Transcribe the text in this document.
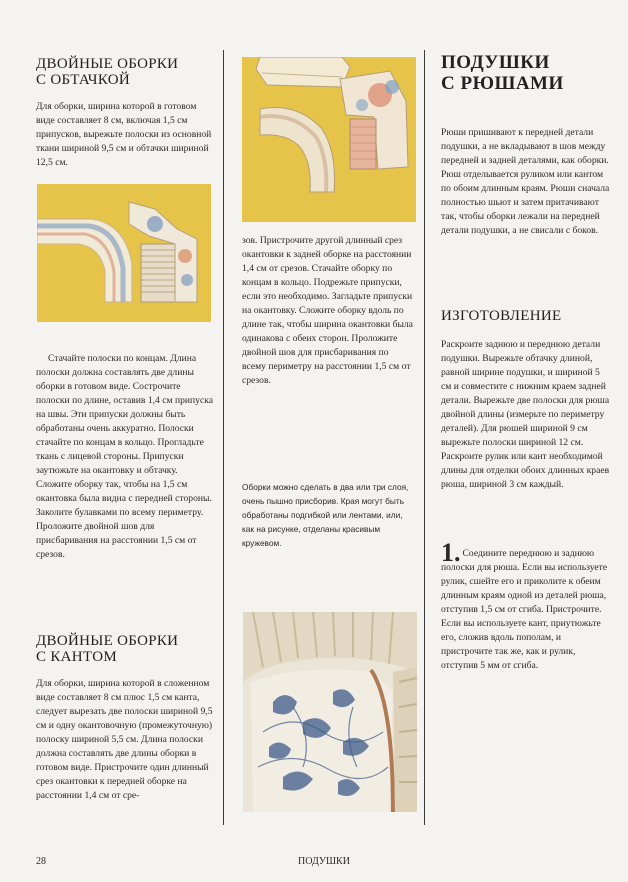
ДВОЙНЫЕ ОБОРКИ
С ОБТАЧКОЙ

Для оборки, ширина которой в готовом виде составляет 8 см, включая 1,5 см припусков, вырежьте полоски из основной ткани шириной 9,5 см и обтачки шириной 12,5 см.

Стачайте полоски по концам. Длина полоски должна составлять две длины оборки в готовом виде. Сострочите полоски по длине, оставив 1,4 см припуска на швы. Эти припуски должны быть обработаны очень аккуратно. Полоски стачайте по концам в кольцо. Прогладьте ткань с лицевой стороны. Припуски заутюжьте на окантовку и обтачку. Сложите оборку так, чтобы на 1,5 см окантовка была видна с передней стороны. Заколите булавками по всему периметру. Проложите двойной шов для присбаривания на расстоянии 1,5 см от срезов.

ДВОЙНЫЕ ОБОРКИ
С КАНТОМ

Для оборки, ширина которой в сложенном виде составляет 8 см плюс 1,5 см канта, следует вырезать две полоски шириной 9,5 см и одну окантовочную (промежуточную) полоску шириной 5,5 см. Длина полоски должна составлять две длины оборки в готовом виде. Пристрочите один длинный срез окантовки к передней оборке на расстоянии 1,4 см от сре-

зов. Пристрочите другой длинный срез окантовки к задней оборке на расстоянии 1,4 см от срезов. Стачайте оборку по концам в кольцо. Подрежьте припуски, если это необходимо. Загладьте припуски на окантовку. Сложите оборку вдоль по длине так, чтобы ширина окантовки была одинакова с обеих сторон. Проложите двойной шов для присбаривания по всему периметру на расстоянии 1,5 см от срезов.

Оборки можно сделать в два или три слоя, очень пышно присборив. Края могут быть обработаны подгибкой или лентами, или, как на рисунке, отделаны красивым кружевом.

ПОДУШКИ
С РЮШАМИ

Рюши пришивают к передней детали подушки, а не вкладывают в шов между передней и задней деталями, как оборки. Рюш отделывается руликом или кантом по обоим длинным краям. Рюши сначала полностью шьют и затем притачивают так, чтобы оборки лежали на передней детали подушки, а не свисали с боков.

ИЗГОТОВЛЕНИЕ

Раскроите заднюю и переднюю детали подушки. Вырежьте обтачку длиной, равной ширине подушки, и шириной 5 см и совместите с нижним краем задней детали. Вырежьте две полоски для рюша двойной длины (измерьте по периметру деталей). Для рюшей шириной 9 см вырежьте полоски шириной 12 см. Раскроите рулик или кант необходимой длины для отделки обоих длинных краев рюша, шириной 3 см каждый.

1. Соедините переднюю и заднюю полоски для рюша. Если вы используете рулик, сшейте его и приколите к обеим длинным краям одной из деталей рюша, отступив 1,5 см от сгиба. Пристрочите. Если вы используете кант, приутюжьте его, сложив вдоль пополам, и пристрочите так же, как и рулик, отступив 5 мм от сгиба.

28	ПОДУШКИ
